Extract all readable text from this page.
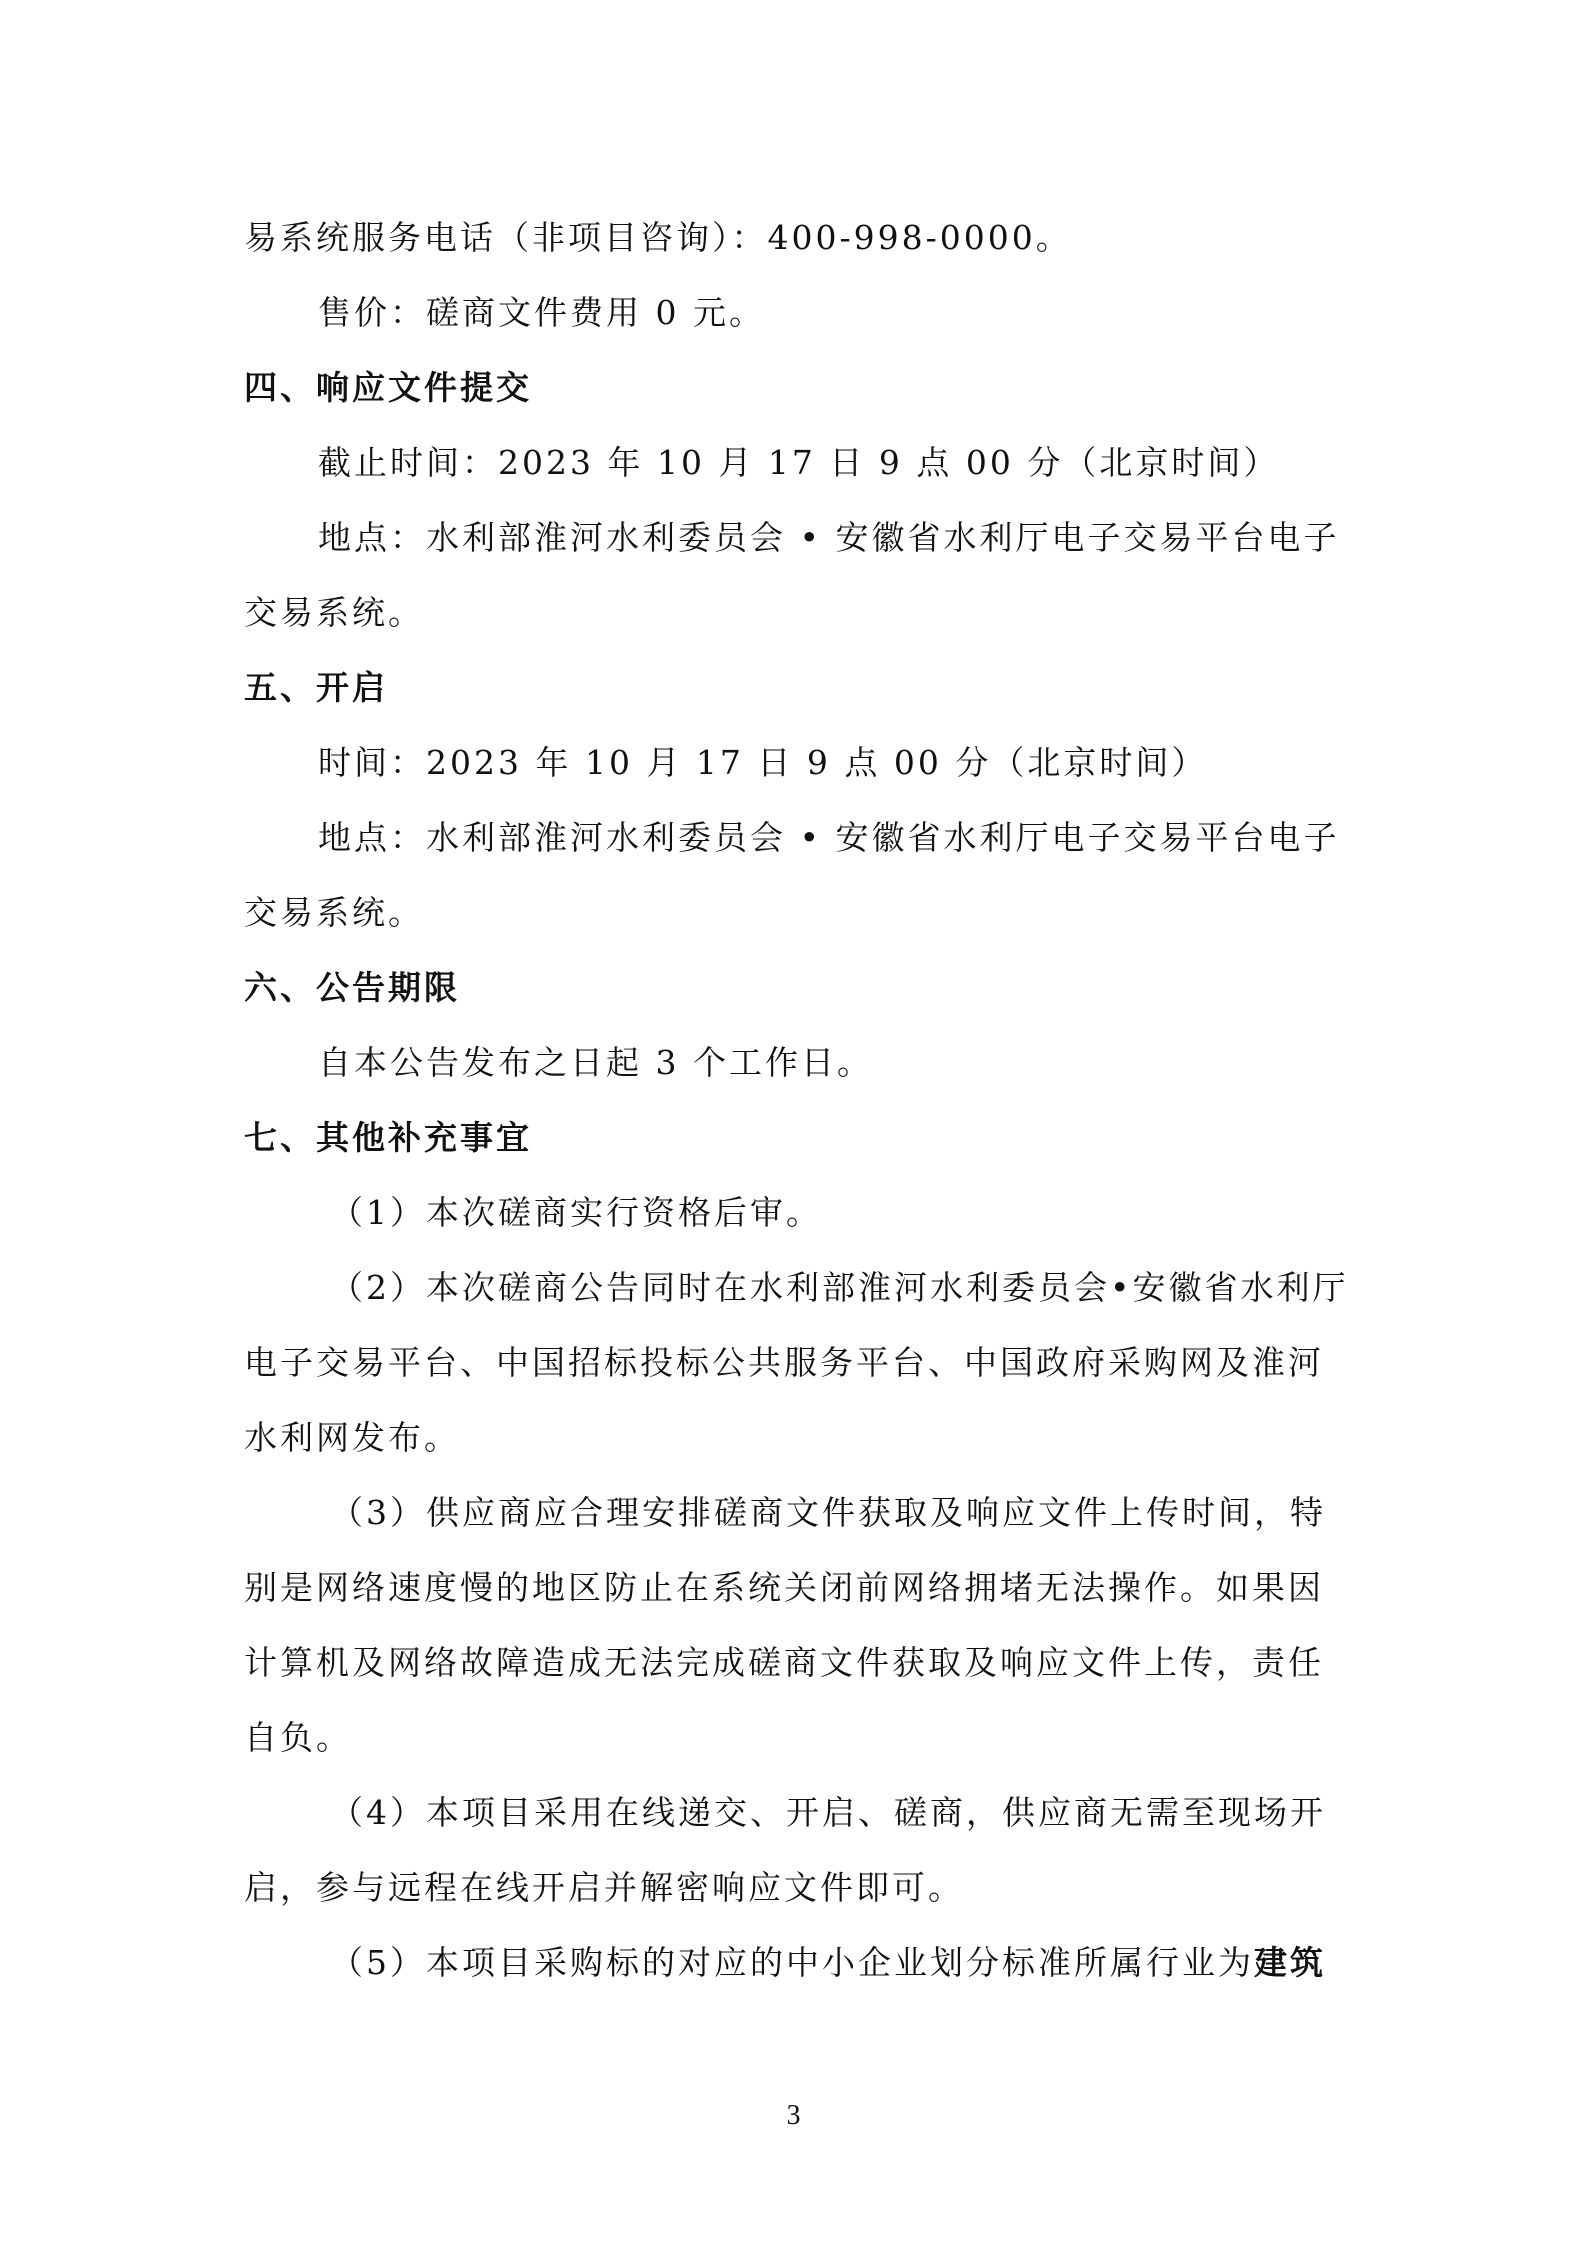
易系统服务电话（非项目咨询）：400-998-0000。
售价：磋商文件费用 0 元。
四、响应文件提交
截止时间：2023 年 10 月 17 日 9 点 00 分（北京时间）
地点：水利部淮河水利委员会 • 安徽省水利厅电子交易平台电子
交易系统。
五、开启
时间：2023 年 10 月 17 日 9 点 00 分（北京时间）
地点：水利部淮河水利委员会 • 安徽省水利厅电子交易平台电子
交易系统。
六、公告期限
自本公告发布之日起 3 个工作日。
七、其他补充事宜
（1）本次磋商实行资格后审。
（2）本次磋商公告同时在水利部淮河水利委员会•安徽省水利厅
电子交易平台、中国招标投标公共服务平台、中国政府采购网及淮河
水利网发布。
（3）供应商应合理安排磋商文件获取及响应文件上传时间，特
别是网络速度慢的地区防止在系统关闭前网络拥堵无法操作。如果因
计算机及网络故障造成无法完成磋商文件获取及响应文件上传，责任
自负。
（4）本项目采用在线递交、开启、磋商，供应商无需至现场开
启，参与远程在线开启并解密响应文件即可。
（5）本项目采购标的对应的中小企业划分标准所属行业为建筑
3
